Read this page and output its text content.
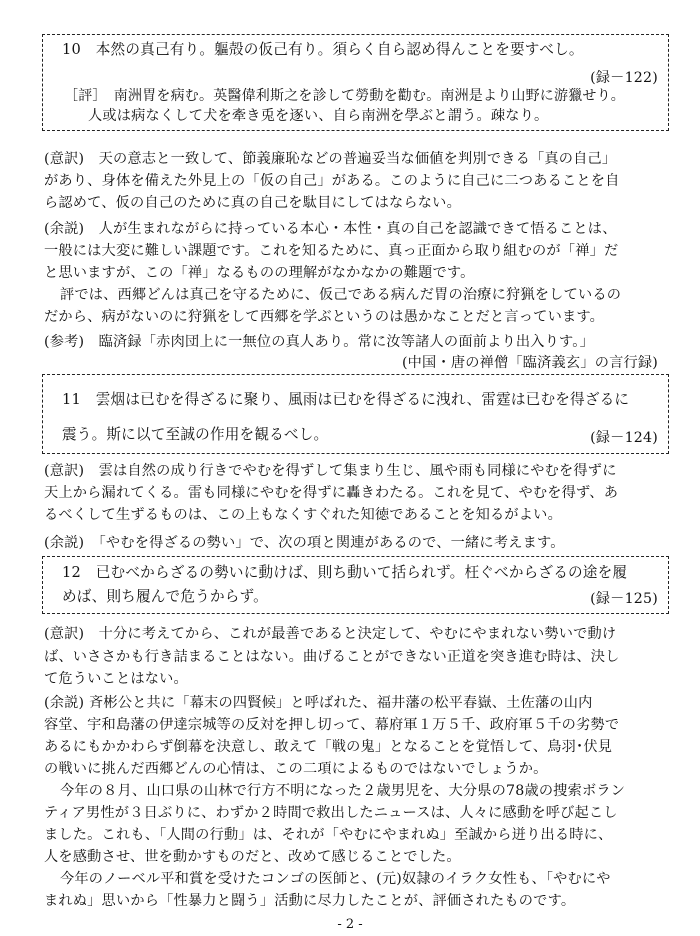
10　本然の真己有り。軀殻の仮己有り。須らく自ら認め得んことを要すべし。
(録－122)
［評］　南洲胃を病む。英醫偉利斯之を診して勞動を勸む。南洲是より山野に游獵せり。
人或は病なくして犬を牽き兎を逐い、自ら南洲を學ぶと謂う。疎なり。
(意訳)　天の意志と一致して、節義廉恥などの普遍妥当な価値を判別できる「真の自己」
があり、身体を備えた外見上の「仮の自己」がある。このように自己に二つあることを自
ら認めて、仮の自己のために真の自己を駄目にしてはならない。
(余説)　人が生まれながらに持っている本心・本性・真の自己を認識できて悟ることは、
一般には大変に難しい課題です。これを知るために、真っ正面から取り組むのが「禅」だ
と思いますが、この「禅」なるものの理解がなかなかの難題です。
評では、西郷どんは真己を守るために、仮己である病んだ胃の治療に狩猟をしているの
だから、病がないのに狩猟をして西郷を学ぶというのは愚かなことだと言っています。
(参考)　臨済録「赤肉団上に一無位の真人あり。常に汝等諸人の面前より出入りす。」
(中国・唐の禅僧「臨済義玄」の言行録)
11　雲烟は已むを得ざるに聚り、風雨は已むを得ざるに洩れ、雷霆は已むを得ざるに
震う。斯に以て至誠の作用を観るべし。	(録－124)
(意訳)　雲は自然の成り行きでやむを得ずして集まり生じ、風や雨も同様にやむを得ずに
天上から漏れてくる。雷も同様にやむを得ずに轟きわたる。これを見て、やむを得ず、あ
るべくして生ずるものは、この上もなくすぐれた知徳であることを知るがよい。
(余説)　「やむを得ざるの勢い」で、次の項と関連があるので、一緒に考えます。
12　已むべからざるの勢いに動けば、則ち動いて括られず。枉ぐべからざるの途を履
めば、則ち履んで危うからず。	(録－125)
(意訳)　十分に考えてから、これが最善であると決定して、やむにやまれない勢いで動け
ば、いささかも行き詰まることはない。曲げることができない正道を突き進む時は、決し
て危ういことはない。
(余説) 斉彬公と共に「幕末の四賢候」と呼ばれた、福井藩の松平春嶽、土佐藩の山内
容堂、宇和島藩の伊達宗城等の反対を押し切って、幕府軍１万５千、政府軍５千の劣勢で
あるにもかかわらず倒幕を決意し、敢えて「戦の鬼」となることを覚悟して、鳥羽･伏見
の戦いに挑んだ西郷どんの心情は、この二項によるものではないでしょうか。
今年の８月、山口県の山林で行方不明になった２歳男児を、大分県の78歳の捜索ボラン
ティア男性が３日ぶりに、わずか２時間で救出したニュースは、人々に感動を呼び起こし
ました。これも、「人間の行動」は、それが「やむにやまれぬ」至誠から迸り出る時に、
人を感動させ、世を動かすものだと、改めて感じることでした。
今年のノーベル平和賞を受けたコンゴの医師と、(元)奴隷のイラク女性も、「やむにや
まれぬ」思いから「性暴力と闘う」活動に尽力したことが、評価されたものです。
- 2 -
